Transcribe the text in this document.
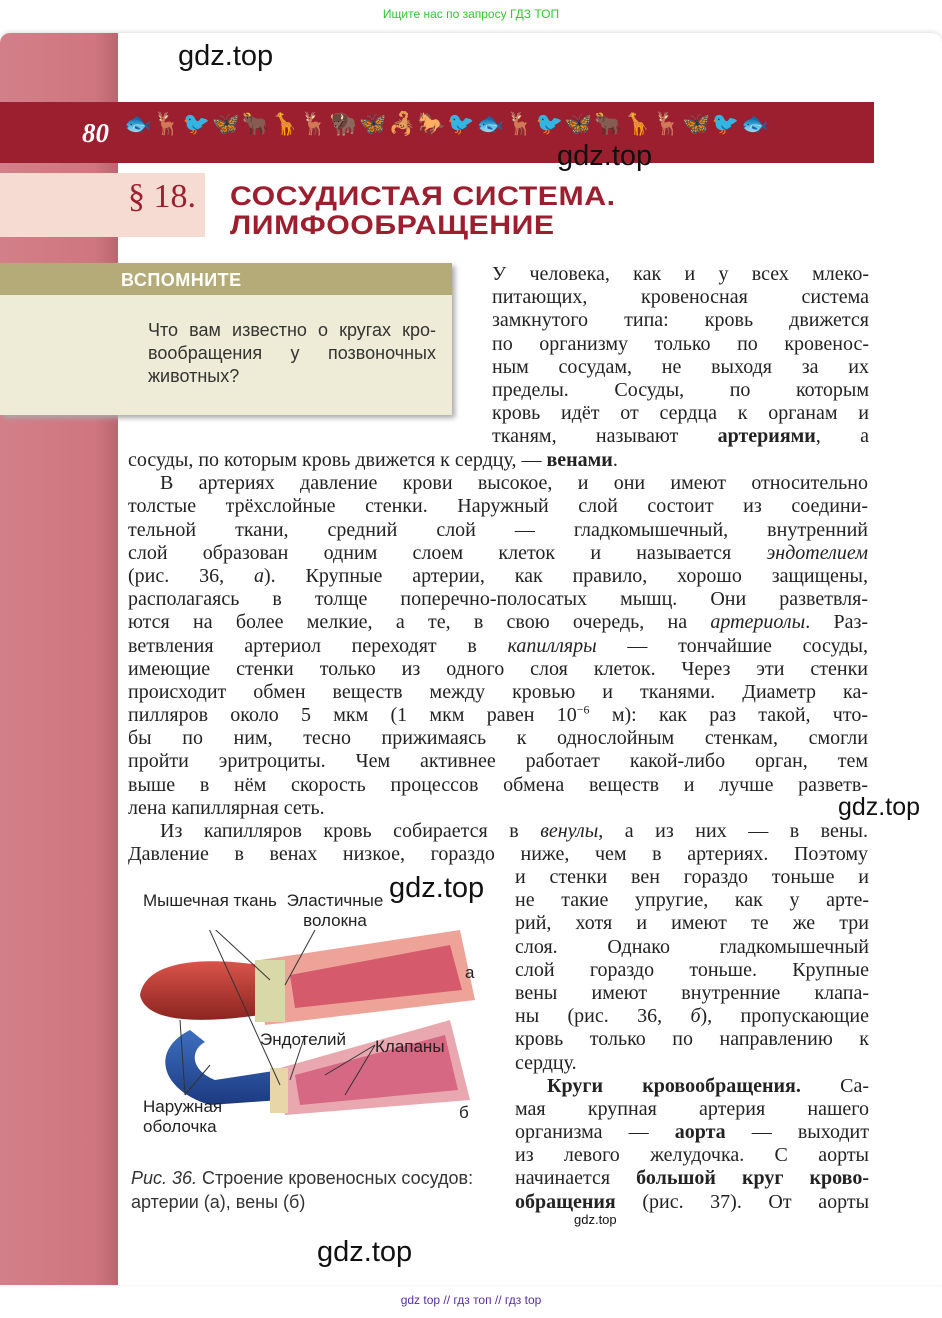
Ищите нас по запросу ГДЗ ТОП
80 🐟🦌🐦🦋🐂🦒🦌🦬🦋🦂🐎🐦🐟🦌🐦🦋🐂🦒🦌🦋🐦🐟
§ 18. СОСУДИСТАЯ СИСТЕМА.
ЛИМФООБРАЩЕНИЕ
ВСПОМНИТЕ
Что вам известно о кругах кровообращения у позвоночных животных?
У человека, как и у всех млеко-
питающих, кровеносная система
замкнутого типа: кровь движется
по организму только по кровенос-
ным сосудам, не выходя за их
пределы. Сосуды, по которым
кровь идёт от сердца к органам и
тканям, называют артериями, а
сосуды, по которым кровь движется к сердцу, — венами.
В артериях давление крови высокое, и они имеют относительно
толстые трёхслойные стенки. Наружный слой состоит из соедини-
тельной ткани, средний слой — гладкомышечный, внутренний
слой образован одним слоем клеток и называется эндотелием
(рис. 36, а). Крупные артерии, как правило, хорошо защищены,
располагаясь в толще поперечно-полосатых мышц. Они разветвля-
ются на более мелкие, а те, в свою очередь, на артериолы. Раз-
ветвления артериол переходят в капилляры — тончайшие сосуды,
имеющие стенки только из одного слоя клеток. Через эти стенки
происходит обмен веществ между кровью и тканями. Диаметр ка-
пилляров около 5 мкм (1 мкм равен $10^{-6}$ м): как раз такой, что-
бы по ним, тесно прижимаясь к однослойным стенкам, смогли
пройти эритроциты. Чем активнее работает какой-либо орган, тем
выше в нём скорость процессов обмена веществ и лучше разветв-
лена капиллярная сеть.
Из капилляров кровь собирается в венулы, а из них — в вены.
Давление в венах низкое, гораздо ниже, чем в артериях. Поэтому
и стенки вен гораздо тоньше и
не такие упругие, как у арте-
рий, хотя и имеют те же три
слоя. Однако гладкомышечный
слой гораздо тоньше. Крупные
вены имеют внутренние клапа-
ны (рис. 36, б), пропускающие
кровь только по направлению к
сердцу.
Круги кровообращения. Са-
мая крупная артерия нашего
организма — аорта — выходит
из левого желудочка. С аорты
начинается большой круг крово-
обращения (рис. 37). От аорты
Мышечная ткань Эластичные волокна
а
Эндотелий Клапаны
Наружная оболочка
б
Рис. 36. Строение кровеносных сосудов: артерии (а), вены (б)
gdz.top
gdz.top
gdz.top
gdz.top
gdz.top
gdz.top
gdz top // гдз топ // гдз top
